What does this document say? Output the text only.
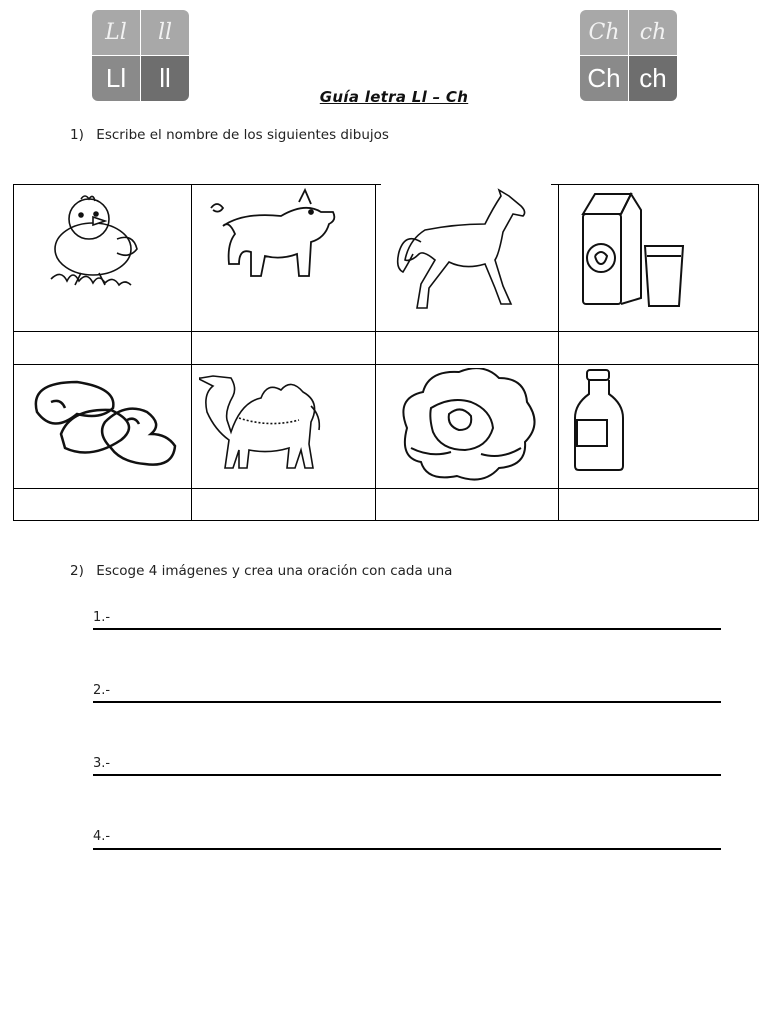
Ll	ll
Ll	ll
Ch ch
Ch ch
Guía letra Ll – Ch
1) Escribe el nombre de los siguientes dibujos
2) Escoge 4 imágenes y crea una oración con cada una
1.-
2.-
3.-
4.-
